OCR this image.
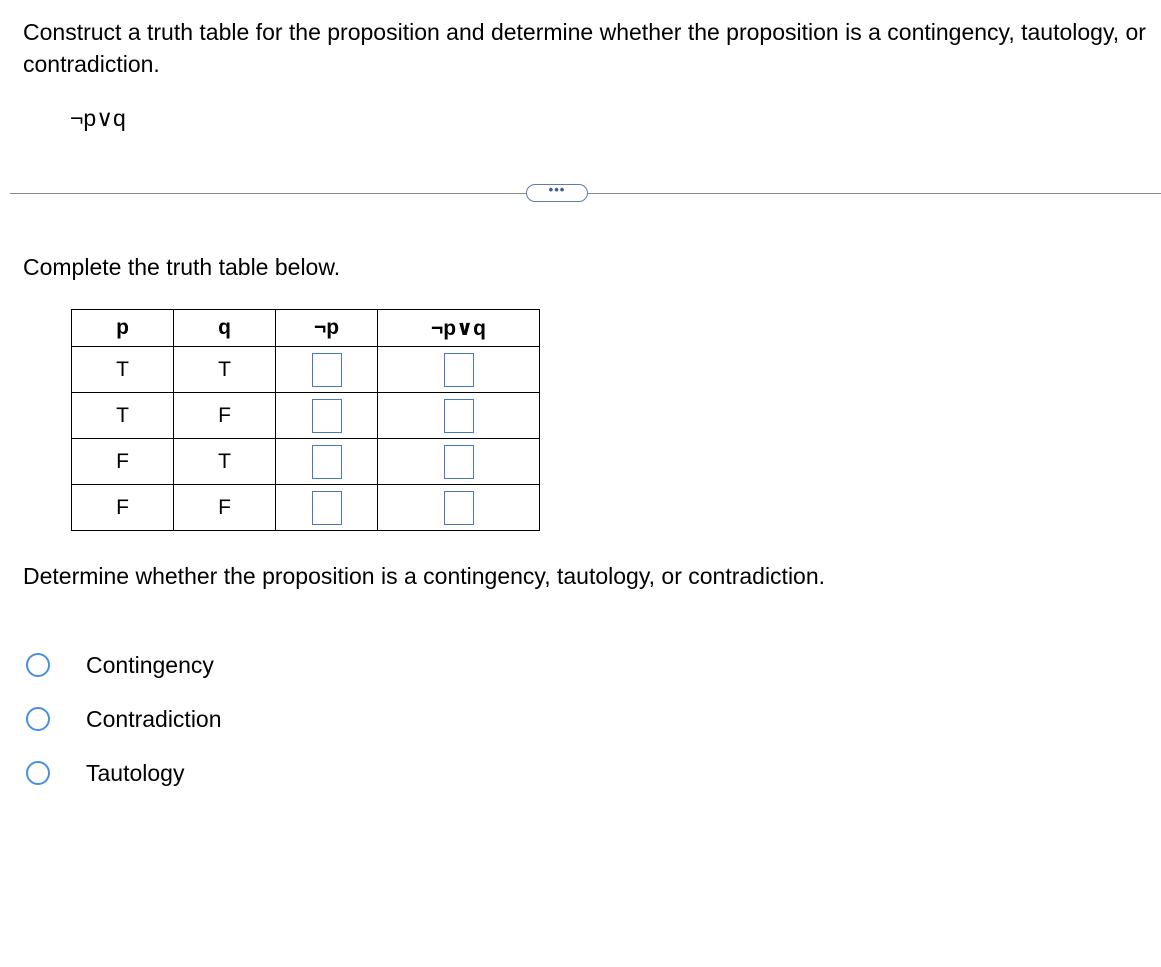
Construct a truth table for the proposition and determine whether the proposition is a contingency, tautology, or contradiction.

¬p∨q
•••
Complete the truth table below.
p	q	¬p	¬p∨q
T	T		
T	F		
F	T		
F	F		
Determine whether the proposition is a contingency, tautology, or contradiction.
Contingency
Contradiction
Tautology
